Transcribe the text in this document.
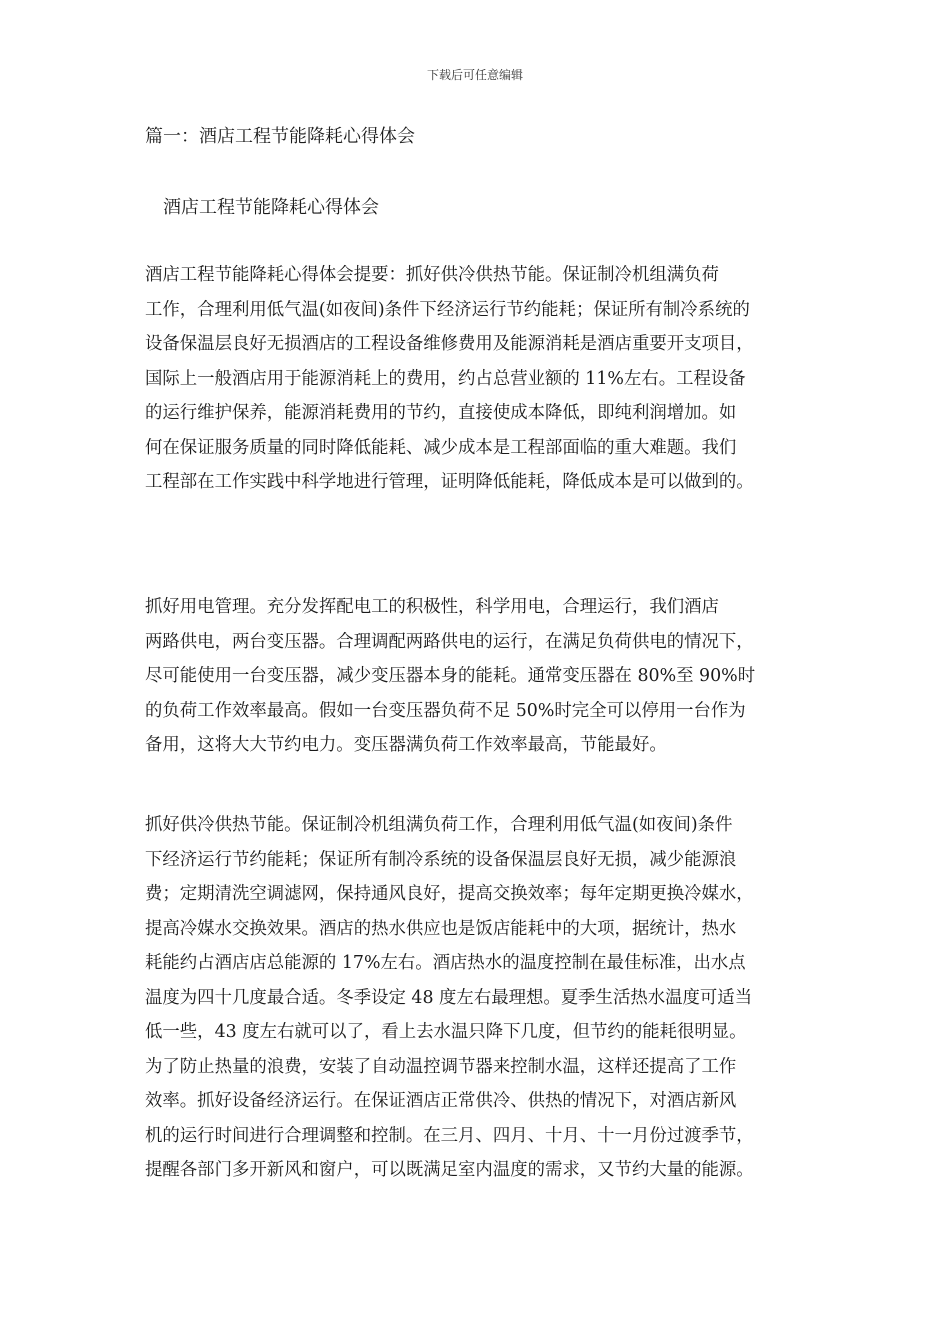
下载后可任意编辑
篇一：酒店工程节能降耗心得体会
酒店工程节能降耗心得体会
酒店工程节能降耗心得体会提要：抓好供冷供热节能。保证制冷机组满负荷
工作，合理利用低气温(如夜间)条件下经济运行节约能耗；保证所有制冷系统的
设备保温层良好无损酒店的工程设备维修费用及能源消耗是酒店重要开支项目，
国际上一般酒店用于能源消耗上的费用，约占总营业额的 11%左右。工程设备
的运行维护保养，能源消耗费用的节约，直接使成本降低，即纯利润增加。如
何在保证服务质量的同时降低能耗、减少成本是工程部面临的重大难题。我们
工程部在工作实践中科学地进行管理，证明降低能耗，降低成本是可以做到的。
抓好用电管理。充分发挥配电工的积极性，科学用电，合理运行，我们酒店
两路供电，两台变压器。合理调配两路供电的运行，在满足负荷供电的情况下，
尽可能使用一台变压器，减少变压器本身的能耗。通常变压器在 80%至 90%时
的负荷工作效率最高。假如一台变压器负荷不足 50%时完全可以停用一台作为
备用，这将大大节约电力。变压器满负荷工作效率最高，节能最好。
抓好供冷供热节能。保证制冷机组满负荷工作，合理利用低气温(如夜间)条件
下经济运行节约能耗；保证所有制冷系统的设备保温层良好无损，减少能源浪
费；定期清洗空调滤网，保持通风良好，提高交换效率；每年定期更换冷媒水，
提高冷媒水交换效果。酒店的热水供应也是饭店能耗中的大项，据统计，热水
耗能约占酒店店总能源的 17%左右。酒店热水的温度控制在最佳标准，出水点
温度为四十几度最合适。冬季设定 48 度左右最理想。夏季生活热水温度可适当
低一些，43 度左右就可以了，看上去水温只降下几度，但节约的能耗很明显。
为了防止热量的浪费，安装了自动温控调节器来控制水温，这样还提高了工作
效率。抓好设备经济运行。在保证酒店正常供冷、供热的情况下，对酒店新风
机的运行时间进行合理调整和控制。在三月、四月、十月、十一月份过渡季节，
提醒各部门多开新风和窗户，可以既满足室内温度的需求，又节约大量的能源。
